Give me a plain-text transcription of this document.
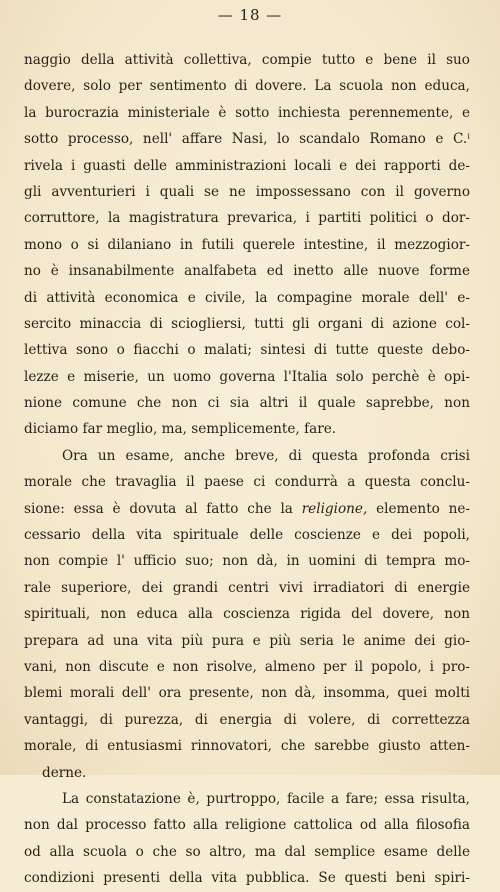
— 18 —
naggio della attività collettiva, compie tutto e bene il suo
dovere, solo per sentimento di dovere. La scuola non educa,
la burocrazia ministeriale è sotto inchiesta perennemente, e
sotto processo, nell' affare Nasi, lo scandalo Romano e C.ⁱ
rivela i guasti delle amministrazioni locali e dei rapporti de-
gli avventurieri i quali se ne impossessano con il governo
corruttore, la magistratura prevarica, i partiti politici o dor-
mono o si dilaniano in futili querele intestine, il mezzogior-
no è insanabilmente analfabeta ed inetto alle nuove forme
di attività economica e civile, la compagine morale dell' e-
sercito minaccia di sciogliersi, tutti gli organi di azione col-
lettiva sono o fiacchi o malati; sintesi di tutte queste debo-
lezze e miserie, un uomo governa l'Italia solo perchè è opi-
nione comune che non ci sia altri il quale saprebbe, non
diciamo far meglio, ma, semplicemente, fare.
Ora un esame, anche breve, di questa profonda crisi
morale che travaglia il paese ci condurrà a questa conclu-
sione: essa è dovuta al fatto che la religione, elemento ne-
cessario della vita spirituale delle coscienze e dei popoli,
non compie l' ufficio suo; non dà, in uomini di tempra mo-
rale superiore, dei grandi centri vivi irradiatori di energie
spirituali, non educa alla coscienza rigida del dovere, non
prepara ad una vita più pura e più seria le anime dei gio-
vani, non discute e non risolve, almeno per il popolo, i pro-
blemi morali dell' ora presente, non dà, insomma, quei molti
vantaggi, di purezza, di energia di volere, di correttezza
morale, di entusiasmi rinnovatori, che sarebbe giusto atten-
derne.
La constatazione è, purtroppo, facile a fare; essa risulta,
non dal processo fatto alla religione cattolica od alla filosofia
od alla scuola o che so altro, ma dal semplice esame delle
condizioni presenti della vita pubblica. Se questi beni spiri-
